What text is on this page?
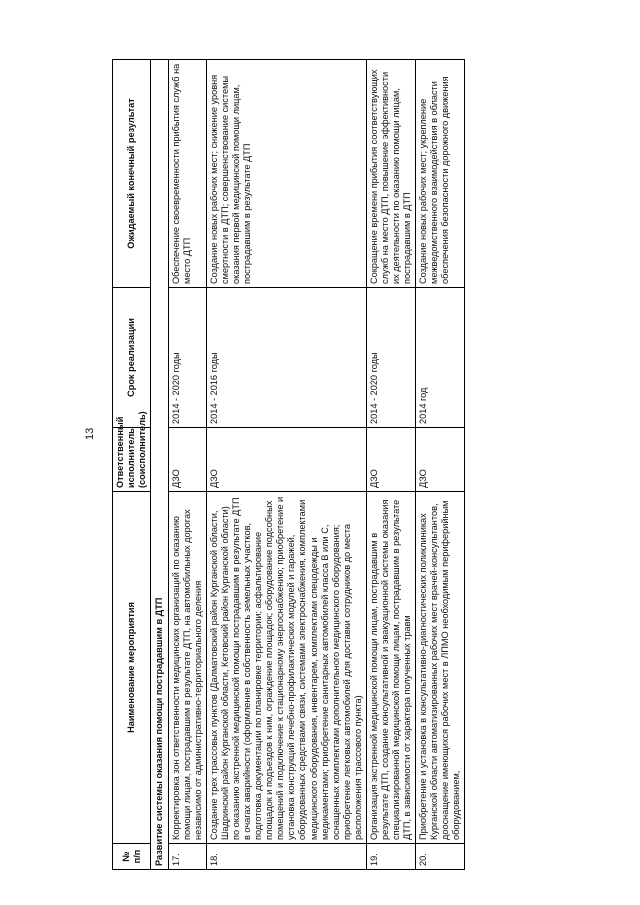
13
№ п/п	Наименование мероприятия	Ответственный исполнитель (соисполнитель)	Срок реализации	Ожидаемый конечный результат
Развитие системы оказания помощи пострадавшим в ДТП				
17.	Корректировка зон ответственности медицинских организаций по оказанию помощи лицам, пострадавшим в результате ДТП, на автомобильных дорогах независимо от административно-территориального деления	ДЗО	2014 - 2020 годы	Обеспечение своевременности прибытия служб на место ДТП
18.	Создание трех трассовых пунктов (Далматовский район Курганской области, Шадринский район Курганской области, Кетовский район Курганской области) по оказанию экстренной медицинской помощи пострадавшим в результате ДТП в очагах аварийности (оформление в собственность земельных участков, подготовка документации по планировке территории; асфальтирование площадок и подъездов к ним, ограждение площадок; оборудование подсобных помещений и подключение к стационарному энергоснабжению; приобретение и установка конструкций лечебно-профилактических модулей и гаражей, оборудованных средствами связи, системами электроснабжения, комплектами медицинского оборудования, инвентарем, комплектами спецодежды и медикаментами; приобретение санитарных автомобилей класса В или С, оснащенных комплектами дополнительного медицинского оборудования; приобретение легковых автомобилей для доставки сотрудников до места расположения трассового пункта)	ДЗО	2014 - 2016 годы	Создание новых рабочих мест; снижение уровня смертности в ДТП; совершенствование системы оказания первой медицинской помощи лицам, пострадавшим в результате ДТП
19.	Организация экстренной медицинской помощи лицам, пострадавшим в результате ДТП, создание консультативной и эвакуационной системы оказания специализированной медицинской помощи лицам, пострадавшим в результате ДТП, в зависимости от характера полученных травм	ДЗО	2014 - 2020 годы	Сокращение времени прибытия соответствующих служб на место ДТП, повышение эффективности их деятельности по оказанию помощи лицам, пострадавшим в ДТП
20.	Приобретение и установка в консультативно-диагностических поликлиниках Курганской области автоматизированных рабочих мест врачей-консультантов, дооснащение имеющихся рабочих мест в ЛПМО необходимым периферийным оборудованием,	ДЗО	2014 год	Создание новых рабочих мест; укрепление межведомственного взаимодействия в области обеспечения безопасности дорожного движения
